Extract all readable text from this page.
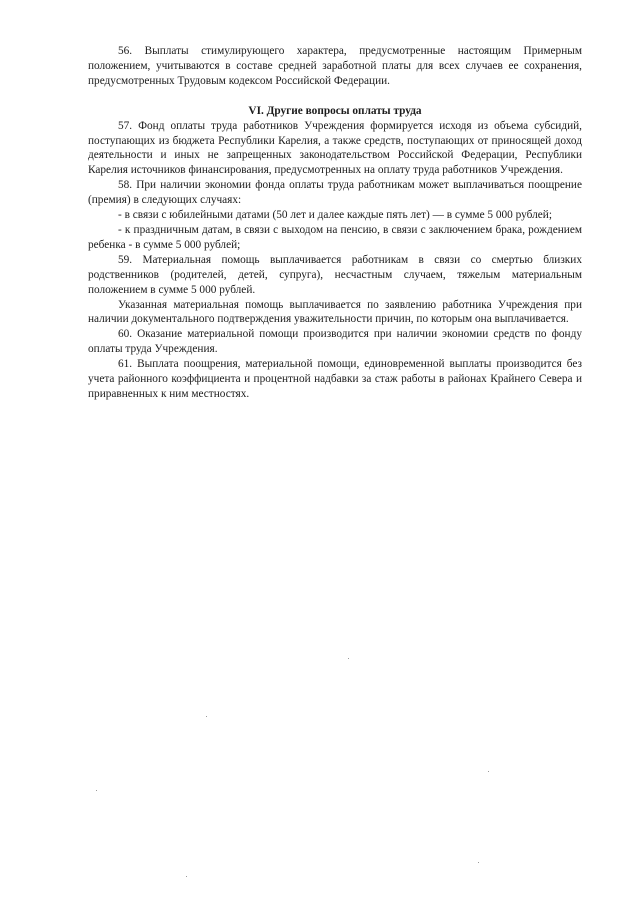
56. Выплаты стимулирующего характера, предусмотренные настоящим Примерным положением, учитываются в составе средней заработной платы для всех случаев ее сохранения, предусмотренных Трудовым кодексом Российской Федерации.

VI. Другие вопросы оплаты труда

57. Фонд оплаты труда работников Учреждения формируется исходя из объема субсидий, поступающих из бюджета Республики Карелия, а также средств, поступающих от приносящей доход деятельности и иных не запрещенных законодательством Российской Федерации, Республики Карелия источников финансирования, предусмотренных на оплату труда работников Учреждения.

58. При наличии экономии фонда оплаты труда работникам может выплачиваться поощрение (премия) в следующих случаях:

- в связи с юбилейными датами (50 лет и далее каждые пять лет) — в сумме 5 000 рублей;

- к праздничным датам, в связи с выходом на пенсию, в связи с заключением брака, рождением ребенка - в сумме 5 000 рублей;

59. Материальная помощь выплачивается работникам в связи со смертью близких родственников (родителей, детей, супруга), несчастным случаем, тяжелым материальным положением в сумме 5 000 рублей.

Указанная материальная помощь выплачивается по заявлению работника Учреждения при наличии документального подтверждения уважительности причин, по которым она выплачивается.

60. Оказание материальной помощи производится при наличии экономии средств по фонду оплаты труда Учреждения.

61. Выплата поощрения, материальной помощи, единовременной выплаты производится без учета районного коэффициента и процентной надбавки за стаж работы в районах Крайнего Севера и приравненных к ним местностях.
